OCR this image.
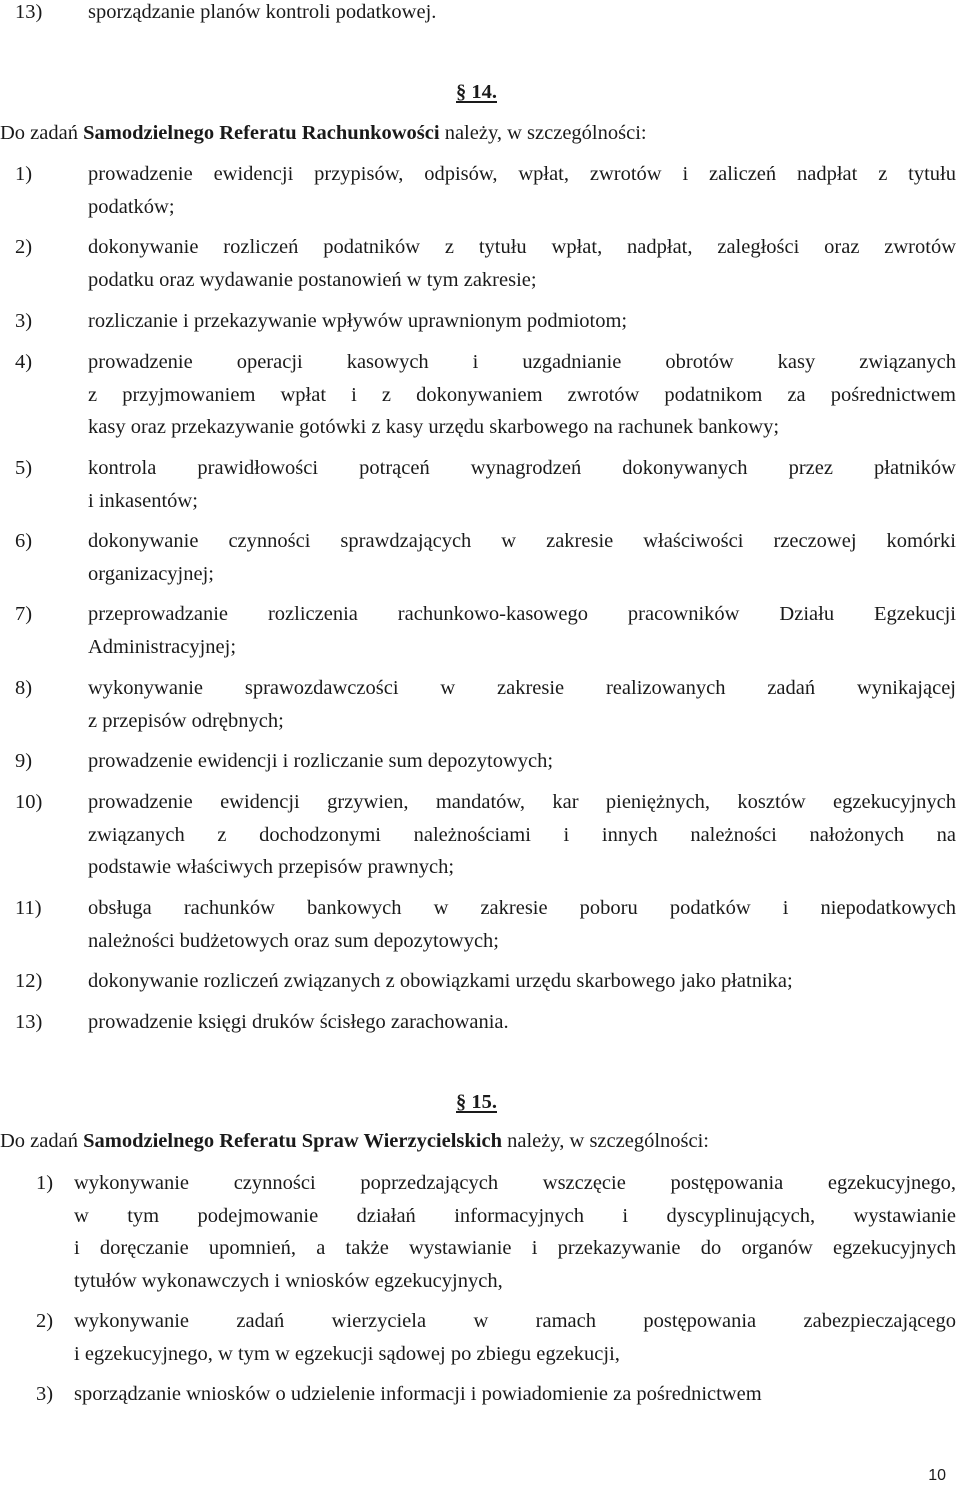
13)	sporządzanie planów kontroli podatkowej.
§ 14.
Do zadań Samodzielnego Referatu Rachunkowości należy, w szczególności:
1)	prowadzenie ewidencji przypisów, odpisów, wpłat, zwrotów i zaliczeń nadpłat z tytułu
podatków;
2)	dokonywanie rozliczeń podatników z tytułu wpłat, nadpłat, zaległości oraz zwrotów
podatku oraz wydawanie postanowień w tym zakresie;
3)	rozliczanie i przekazywanie wpływów uprawnionym podmiotom;
4)	prowadzenie operacji kasowych i uzgadnianie obrotów kasy związanych
z przyjmowaniem wpłat i z dokonywaniem zwrotów podatnikom za pośrednictwem
kasy oraz przekazywanie gotówki z kasy urzędu skarbowego na rachunek bankowy;
5)	kontrola prawidłowości potrąceń wynagrodzeń dokonywanych przez płatników
i inkasentów;
6)	dokonywanie czynności sprawdzających w zakresie właściwości rzeczowej komórki
organizacyjnej;
7)	przeprowadzanie rozliczenia rachunkowo-kasowego pracowników Działu Egzekucji
Administracyjnej;
8)	wykonywanie sprawozdawczości w zakresie realizowanych zadań wynikającej
z przepisów odrębnych;
9)	prowadzenie ewidencji i rozliczanie sum depozytowych;
10)	prowadzenie ewidencji grzywien, mandatów, kar pieniężnych, kosztów egzekucyjnych
związanych z dochodzonymi należnościami i innych należności nałożonych na
podstawie właściwych przepisów prawnych;
11)	obsługa rachunków bankowych w zakresie poboru podatków i niepodatkowych
należności budżetowych oraz sum depozytowych;
12)	dokonywanie rozliczeń związanych z obowiązkami urzędu skarbowego jako płatnika;
13)	prowadzenie księgi druków ścisłego zarachowania.
§ 15.
Do zadań Samodzielnego Referatu Spraw Wierzycielskich należy, w szczególności:
1)	wykonywanie czynności poprzedzających wszczęcie postępowania egzekucyjnego,
w tym podejmowanie działań informacyjnych i dyscyplinujących, wystawianie
i doręczanie upomnień, a także wystawianie i przekazywanie do organów egzekucyjnych
tytułów wykonawczych i wniosków egzekucyjnych,
2)	wykonywanie zadań wierzyciela w ramach postępowania zabezpieczającego
i egzekucyjnego, w tym w egzekucji sądowej po zbiegu egzekucji,
3)	sporządzanie wniosków o udzielenie informacji i powiadomienie za pośrednictwem
10
